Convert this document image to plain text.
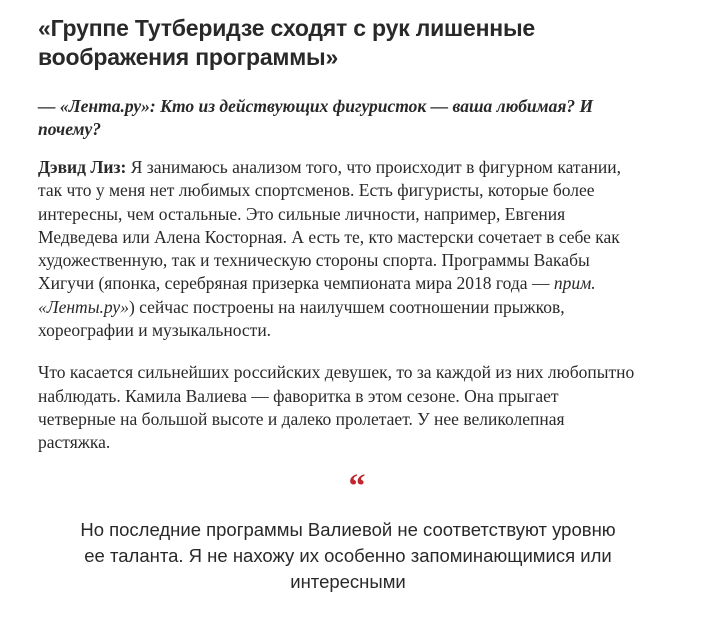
«Группе Тутберидзе сходят с рук лишенные воображения программы»

— «Лента.ру»: Кто из действующих фигуристок — ваша любимая? И почему?

Дэвид Лиз: Я занимаюсь анализом того, что происходит в фигурном катании, так что у меня нет любимых спортсменов. Есть фигуристы, которые более интересны, чем остальные. Это сильные личности, например, Евгения Медведева или Алена Косторная. А есть те, кто мастерски сочетает в себе как художественную, так и техническую стороны спорта. Программы Вакабы Хигучи (японка, серебряная призерка чемпионата мира 2018 года — прим. «Ленты.ру») сейчас построены на наилучшем соотношении прыжков, хореографии и музыкальности.

Что касается сильнейших российских девушек, то за каждой из них любопытно наблюдать. Камила Валиева — фаворитка в этом сезоне. Она прыгает четверные на большой высоте и далеко пролетает. У нее великолепная растяжка.

“

Но последние программы Валиевой не соответствуют уровню ее таланта. Я не нахожу их особенно запоминающимися или интересными
